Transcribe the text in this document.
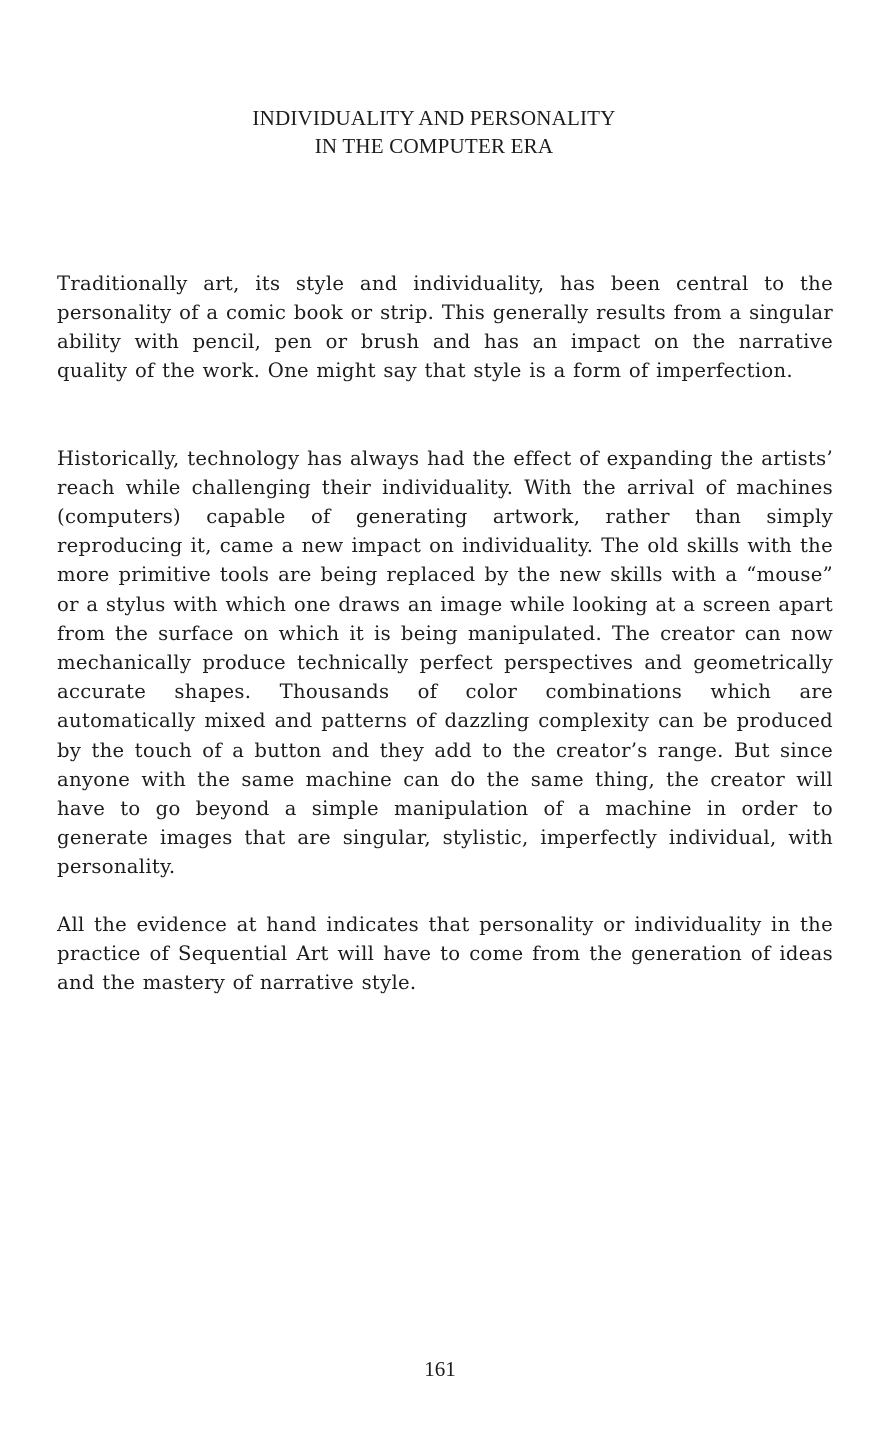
INDIVIDUALITY AND PERSONALITY
IN THE COMPUTER ERA

Traditionally art, its style and individuality, has been central to the personality of a comic book or strip. This generally results from a singular ability with pencil, pen or brush and has an impact on the narrative quality of the work. One might say that style is a form of imperfection.

Historically, technology has always had the effect of expanding the artists’ reach while challenging their individuality. With the arrival of machines (computers) capable of generating artwork, rather than simply reproducing it, came a new impact on individuality. The old skills with the more primitive tools are being replaced by the new skills with a “mouse” or a stylus with which one draws an image while looking at a screen apart from the surface on which it is being manipulated. The creator can now mechanically produce technically perfect perspectives and geometrically accurate shapes. Thousands of color combinations which are automatically mixed and patterns of dazzling complexity can be produced by the touch of a button and they add to the creator’s range. But since anyone with the same machine can do the same thing, the creator will have to go beyond a simple manipulation of a machine in order to generate images that are singular, stylistic, imperfectly individual, with personality.

All the evidence at hand indicates that personality or individuality in the practice of Sequential Art will have to come from the generation of ideas and the mastery of narrative style.

161
